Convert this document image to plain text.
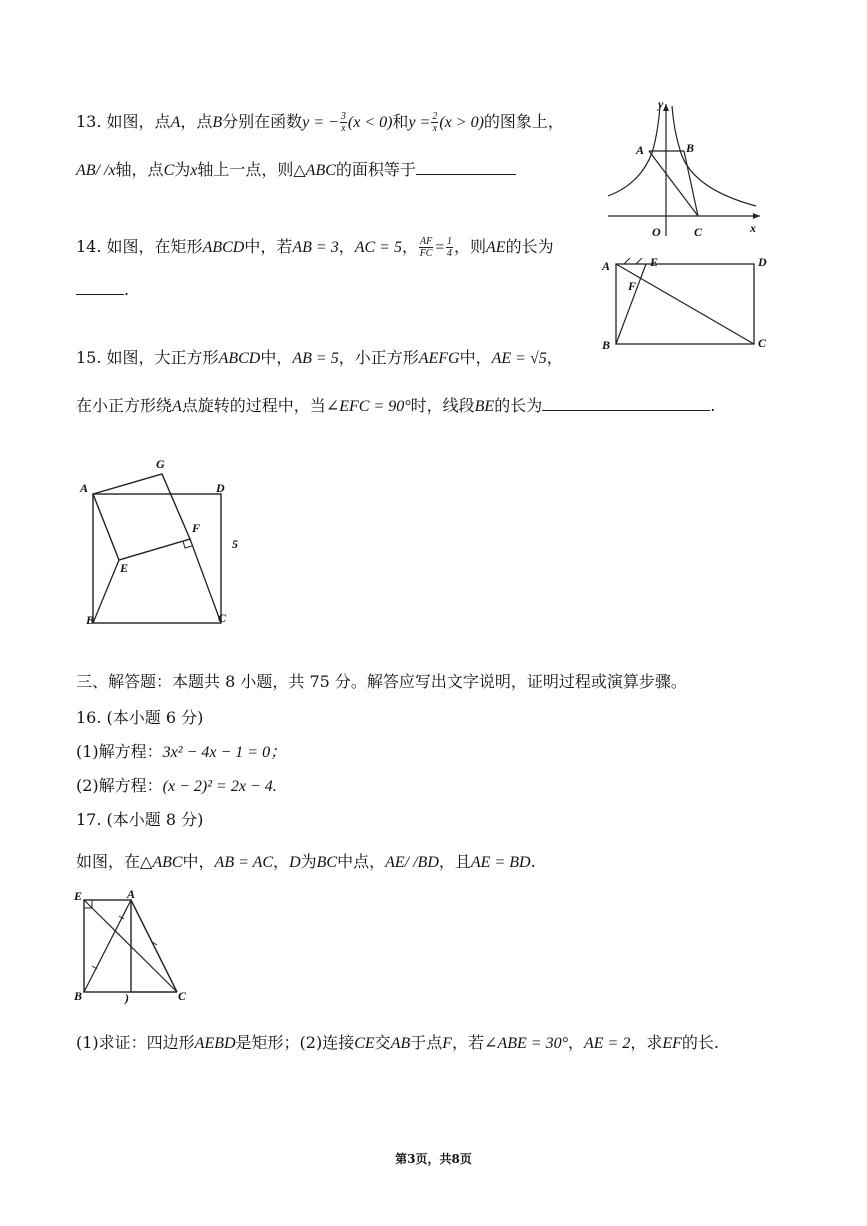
13. 如图，点A，点B分别在函数y = − $\frac{3}{x} (x < 0)$和$y = \frac{2}{x} (x > 0)$的图象上，
AB/ /x轴，点C为x轴上一点，则△ABC的面积等于
y
A	B
O	C	x
14. 如图，在矩形ABCD中，若AB = 3，AC = 5， $\frac{AF}{FC} = \frac{1}{4}$ ，则AE的长为
.
A	E	D
F
B	C
15. 如图，大正方形ABCD中，AB = 5，小正方形AEFG中，AE = √5，
在小正方形绕A点旋转的过程中，当∠EFC = 90°时，线段BE的长为	.
A
G
D
F
E
B	C
5
三、解答题：本题共 8 小题，共 75 分。解答应写出文字说明，证明过程或演算步骤。
16. (本小题 6 分)
(1)解方程：3x² − 4x − 1 = 0；
(2)解方程：(x − 2)² = 2x − 4.
17. (本小题 8 分)
如图，在△ABC中，AB = AC，D为BC中点，AE/ /BD，且AE = BD.
E	A
B	)	C
(1)求证：四边形AEBD是矩形；(2)连接CE交AB于点F，若∠ABE = 30°，AE = 2，求EF的长.
第3页，共8页
